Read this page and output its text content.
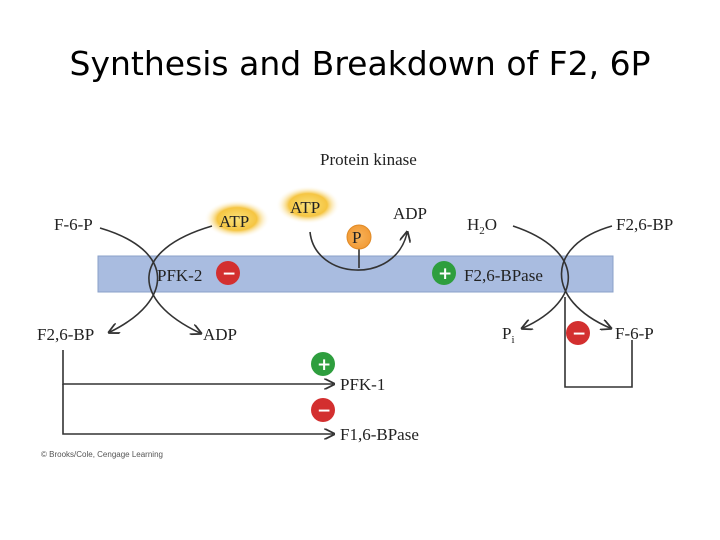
Synthesis and Breakdown of F2, 6P
Protein kinase
ATP
ATP	ADP
$H_2O$
F-6-P	F2,6-BP
P
PFK-2 −	+ F2,6-BPase
F2,6-BP	ADP	$P_i$	− F-6-P
+
−
PFK-1
F1,6-BPase
© Brooks/Cole, Cengage Learning
